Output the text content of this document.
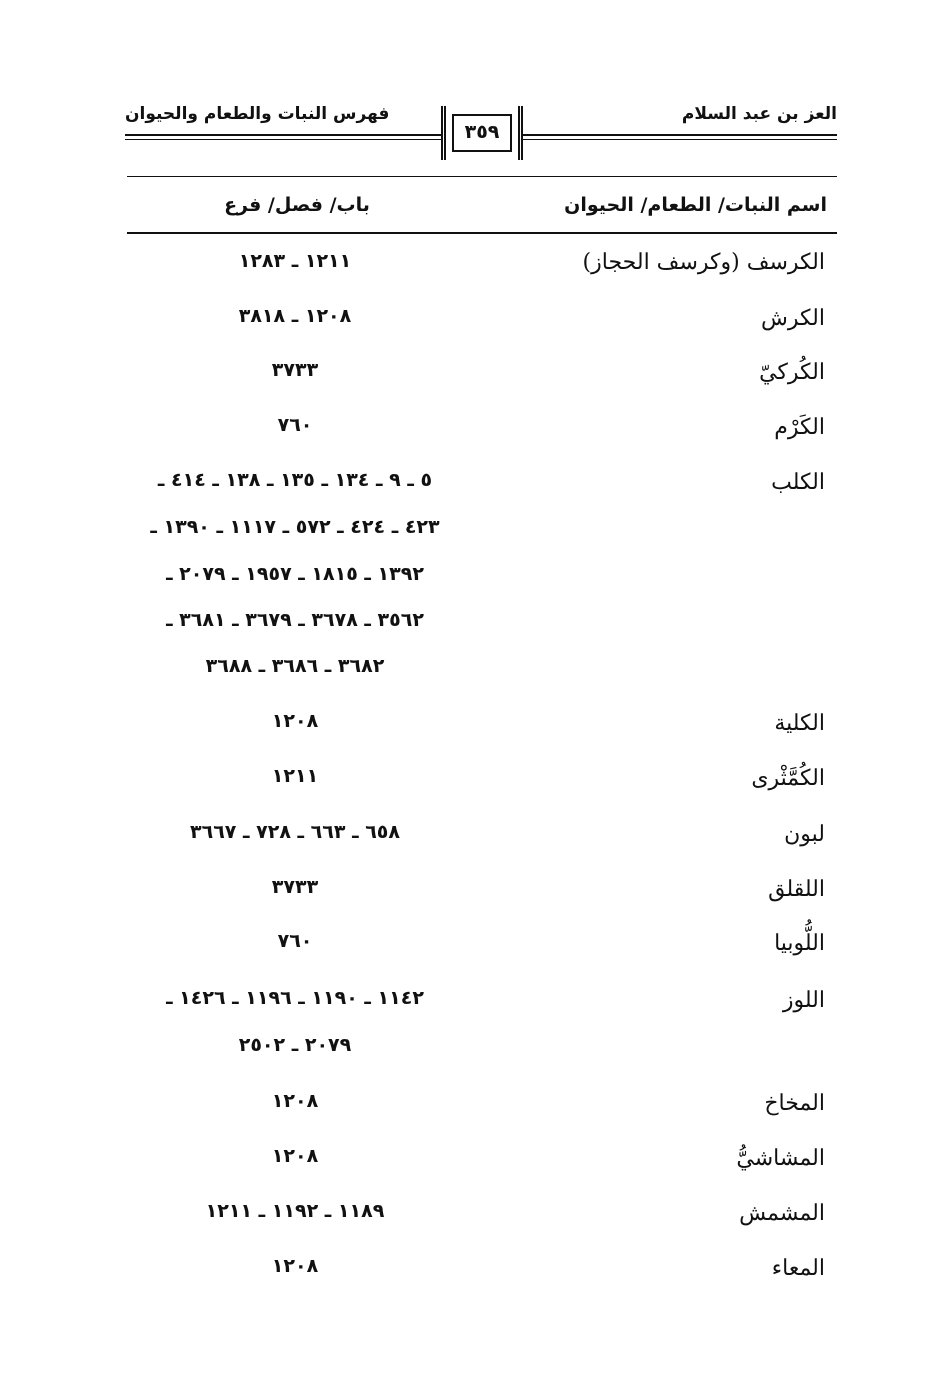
العز بن عبد السلام
فهرس النبات والطعام والحيوان
٣٥٩
اسم النبات/ الطعام/ الحيوان
باب/ فصل/ فرع
الكرسف (وكرسف الحجاز)
١٢١١ ـ ١٢٨٣
الكرش
١٢٠٨ ـ ٣٨١٨
الكُركيّ
٣٧٣٣
الكَرْم
٧٦٠
الكلب
٥ ـ ٩ ـ ١٣٤ ـ ١٣٥ ـ ١٣٨ ـ ٤١٤ ـ
٤٢٣ ـ ٤٢٤ ـ ٥٧٢ ـ ١١١٧ ـ ١٣٩٠ ـ
١٣٩٢ ـ ١٨١٥ ـ ١٩٥٧ ـ ٢٠٧٩ ـ
٣٥٦٢ ـ ٣٦٧٨ ـ ٣٦٧٩ ـ ٣٦٨١ ـ
٣٦٨٢ ـ ٣٦٨٦ ـ ٣٦٨٨
الكلية
١٢٠٨
الكُمَّثْرى
١٢١١
لبون
٦٥٨ ـ ٦٦٣ ـ ٧٢٨ ـ ٣٦٦٧
اللقلق
٣٧٣٣
اللُّوبيا
٧٦٠
اللوز
١١٤٢ ـ ١١٩٠ ـ ١١٩٦ ـ ١٤٢٦ ـ
٢٠٧٩ ـ ٢٥٠٢
المخاخ
١٢٠٨
المشاشيُّ
١٢٠٨
المشمش
١١٨٩ ـ ١١٩٢ ـ ١٢١١
المعاء
١٢٠٨
